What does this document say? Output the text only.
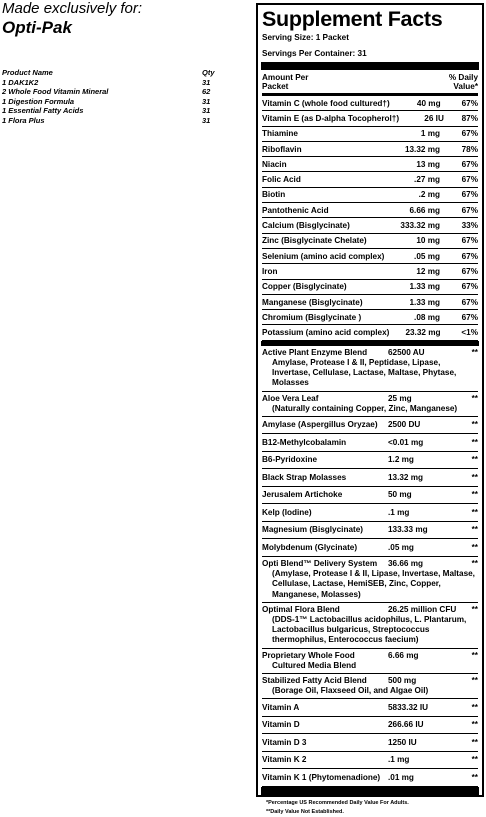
Made exclusively for:
Opti-Pak
Product Name	Qty
1 DAK1K2	31
2 Whole Food Vitamin Mineral	62
1 Digestion Formula	31
1 Essential Fatty Acids	31
1 Flora Plus	31
Supplement Facts
Serving Size: 1 Packet
Servings Per Container: 31
Amount Per
Packet
% Daily
Value*
Vitamin C (whole food cultured†)	40 mg	67%
Vitamin E (as D-alpha Tocopherol†)	26 IU	87%
Thiamine	1 mg	67%
Riboflavin	13.32 mg	78%
Niacin	13 mg	67%
Folic Acid	.27 mg	67%
Biotin	.2 mg	67%
Pantothenic Acid	6.66 mg	67%
Calcium (Bisglycinate)	333.32 mg	33%
Zinc (Bisglycinate Chelate)	10 mg	67%
Selenium (amino acid complex)	.05 mg	67%
Iron	12 mg	67%
Copper (Bisglycinate)	1.33 mg	67%
Manganese (Bisglycinate)	1.33 mg	67%
Chromium (Bisglycinate )	.08 mg	67%
Potassium (amino acid complex)	23.32 mg	<1%
Active Plant Enzyme Blend	62500 AU	**
Amylase, Protease I & II, Peptidase, Lipase, Invertase, Cellulase, Lactase, Maltase, Phytase, Molasses
Aloe Vera Leaf	25 mg	**
(Naturally containing Copper, Zinc, Manganese)
Amylase (Aspergillus Oryzae)	2500 DU	**
B12-Methylcobalamin	<0.01 mg	**
B6-Pyridoxine	1.2 mg	**
Black Strap Molasses	13.32 mg	**
Jerusalem Artichoke	50 mg	**
Kelp (Iodine)	.1 mg	**
Magnesium (Bisglycinate)	133.33 mg	**
Molybdenum (Glycinate)	.05 mg	**
Opti Blend™ Delivery System	36.66 mg	**
(Amylase, Protease I & II, Lipase, Invertase, Maltase, Cellulase, Lactase, HemiSEB, Zinc, Copper, Manganese, Molasses)
Optimal Flora Blend	26.25 million CFU	**
(DDS-1™ Lactobacillus acidophilus, L. Plantarum, Lactobacillus bulgaricus, Streptococcus thermophilus, Enterococcus faecium)
Proprietary Whole Food	6.66 mg	**
Cultured Media Blend
Stabilized Fatty Acid Blend	500 mg	**
(Borage Oil, Flaxseed Oil, and Algae Oil)
Vitamin A	5833.32 IU	**
Vitamin D	266.66 IU	**
Vitamin D 3	1250 IU	**
Vitamin K 2	.1 mg	**
Vitamin K 1 (Phytomenadione) .01 mg	**
*Percentage US Recommended Daily Value For Adults.
**Daily Value Not Established.
